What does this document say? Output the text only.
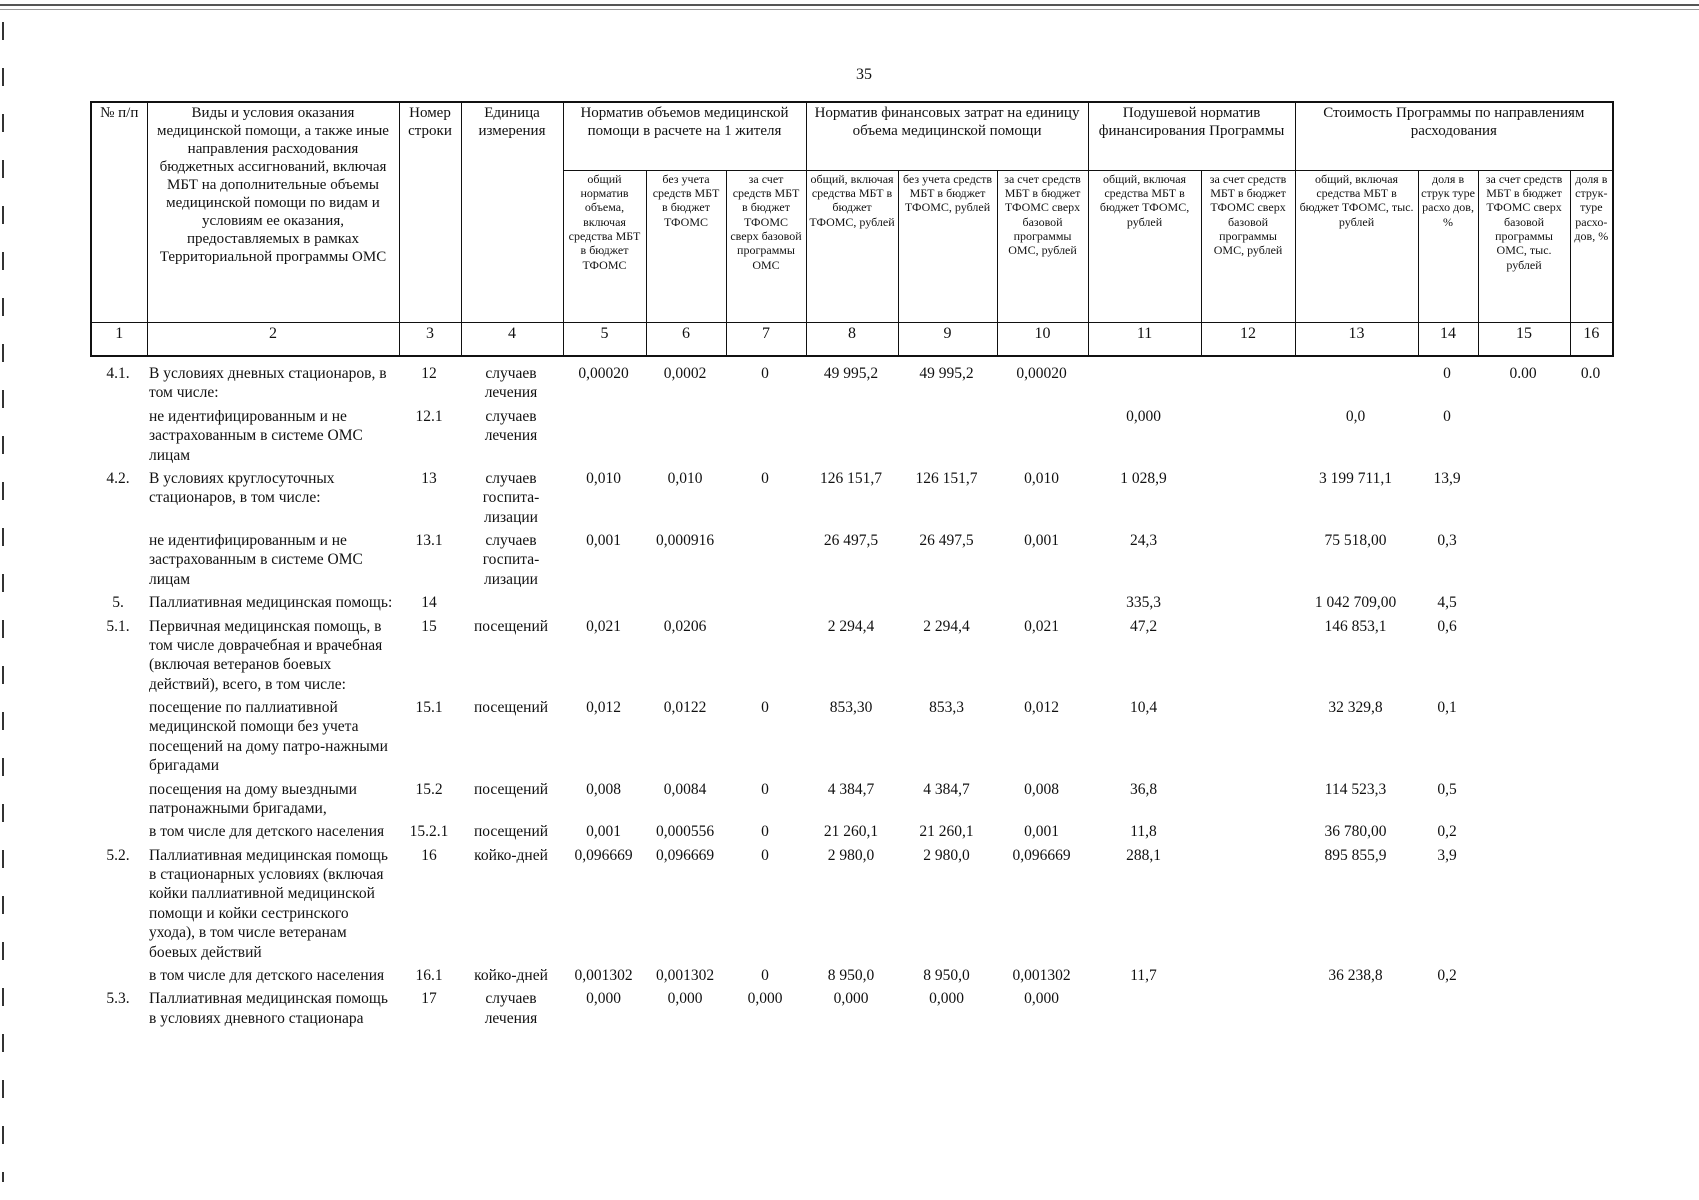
35
№ п/п	Виды и условия оказания медицинской помощи, а также иные направления расходования бюджетных ассигнований, включая МБТ на дополнительные объемы медицинской помощи по видам и условиям ее оказания, предоставляемых в рамках Территориальной программы ОМС	Номер строки	Единица измерения	Норматив объемов медицинской помощи в расчете на 1 жителя			Норматив финансовых затрат на единицу объема медицинской помощи			Подушевой норматив финансирования Программы		Стоимость Программы по направлениям расходования			
				общий норматив объема, включая средства МБТ в бюджет ТФОМС	без учета средств МБТ в бюджет ТФОМС	за счет средств МБТ в бюджет ТФОМС сверх базовой программы ОМС	общий, включая средства МБТ в бюджет ТФОМС, рублей	без учета средств МБТ в бюджет ТФОМС, рублей	за счет средств МБТ в бюджет ТФОМС сверх базовой программы ОМС, рублей	общий, включая средства МБТ в бюджет ТФОМС, рублей	за счет средств МБТ в бюджет ТФОМС сверх базовой программы ОМС, рублей	общий, включая средства МБТ в бюджет ТФОМС, тыс. рублей	доля в струк туре расхо дов, %	за счет средств МБТ в бюджет ТФОМС сверх базовой программы ОМС, тыс. рублей	доля в струк-туре расхо-дов, %
1	2	3	4	5	6	7	8	9	10	11	12	13	14	15	16
4.1.	В условиях дневных стационаров, в том числе:	12	случаев лечения	0,00020	0,0002	0	49 995,2	49 995,2	0,00020				0	0.00	0.0
	не идентифицированным и не застрахованным в системе ОМС лицам	12.1	случаев лечения							0,000		0,0	0		
4.2.	В условиях круглосуточных стационаров, в том числе:	13	случаев госпита-лизации	0,010	0,010	0	126 151,7	126 151,7	0,010	1 028,9		3 199 711,1	13,9		
	не идентифицированным и не застрахованным в системе ОМС лицам	13.1	случаев госпита-лизации	0,001	0,000916		26 497,5	26 497,5	0,001	24,3		75 518,00	0,3		
5.	Паллиативная медицинская помощь:	14								335,3		1 042 709,00	4,5		
5.1.	Первичная медицинская помощь, в том числе доврачебная и врачебная (включая ветеранов боевых действий), всего, в том числе:	15	посещений	0,021	0,0206		2 294,4	2 294,4	0,021	47,2		146 853,1	0,6		
	посещение по паллиативной медицинской помощи без учета посещений на дому патро-нажными бригадами	15.1	посещений	0,012	0,0122	0	853,30	853,3	0,012	10,4		32 329,8	0,1		
	посещения на дому выездными патронажными бригадами,	15.2	посещений	0,008	0,0084	0	4 384,7	4 384,7	0,008	36,8		114 523,3	0,5		
	в том числе для детского населения	15.2.1	посещений	0,001	0,000556	0	21 260,1	21 260,1	0,001	11,8		36 780,00	0,2		
5.2.	Паллиативная медицинская помощь в стационарных условиях (включая койки паллиативной медицинской помощи и койки сестринского ухода), в том числе ветеранам боевых действий	16	койко-дней	0,096669	0,096669	0	2 980,0	2 980,0	0,096669	288,1		895 855,9	3,9		
	в том числе для детского населения	16.1	койко-дней	0,001302	0,001302	0	8 950,0	8 950,0	0,001302	11,7		36 238,8	0,2		
5.3.	Паллиативная медицинская помощь в условиях дневного стационара	17	случаев лечения	0,000	0,000	0,000	0,000	0,000	0,000						
